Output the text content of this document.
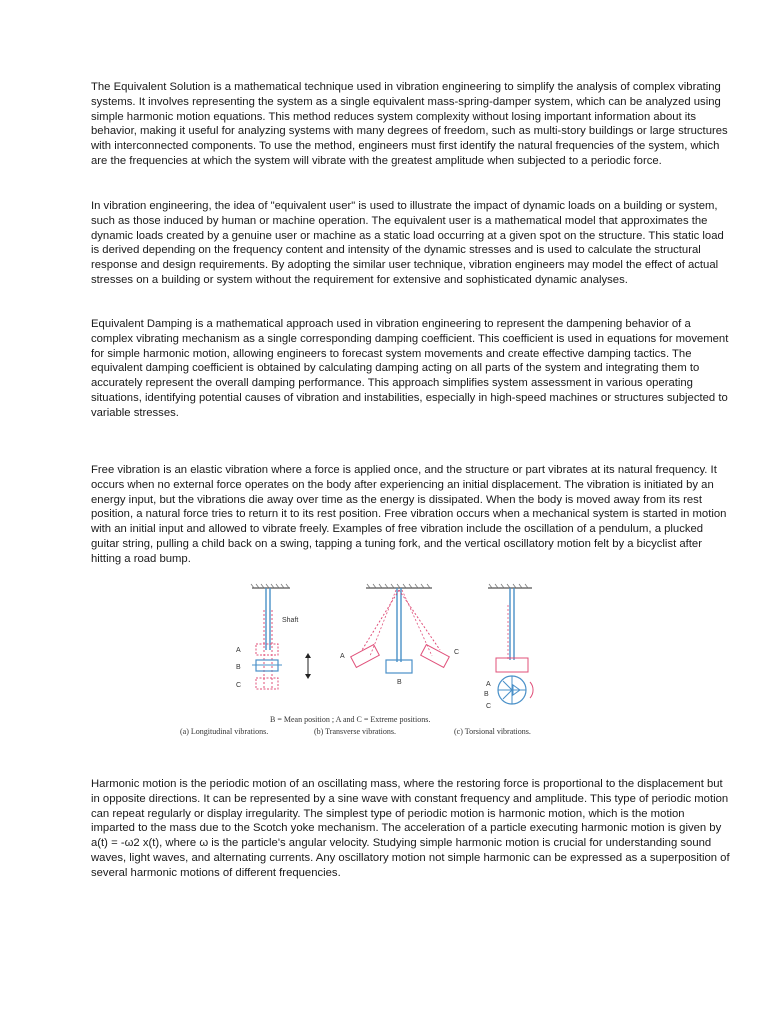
The Equivalent Solution is a mathematical technique used in vibration engineering to simplify the analysis of complex vibrating systems. It involves representing the system as a single equivalent mass-spring-damper system, which can be analyzed using simple harmonic motion equations. This method reduces system complexity without losing important information about its behavior, making it useful for analyzing systems with many degrees of freedom, such as multi-story buildings or large structures with interconnected components. To use the method, engineers must first identify the natural frequencies of the system, which are the frequencies at which the system will vibrate with the greatest amplitude when subjected to a periodic force.

In vibration engineering, the idea of "equivalent user" is used to illustrate the impact of dynamic loads on a building or system, such as those induced by human or machine operation. The equivalent user is a mathematical model that approximates the dynamic loads created by a genuine user or machine as a static load occurring at a given spot on the structure. This static load is derived depending on the frequency content and intensity of the dynamic stresses and is used to calculate the structural response and design requirements. By adopting the similar user technique, vibration engineers may model the effect of actual stresses on a building or system without the requirement for extensive and sophisticated dynamic analyses.

Equivalent Damping is a mathematical approach used in vibration engineering to represent the dampening behavior of a complex vibrating mechanism as a single corresponding damping coefficient. This coefficient is used in equations for movement for simple harmonic motion, allowing engineers to forecast system movements and create effective damping tactics. The equivalent damping coefficient is obtained by calculating damping acting on all parts of the system and integrating them to accurately represent the overall damping performance. This approach simplifies system assessment in various operating situations, identifying potential causes of vibration and instabilities, especially in high-speed machines or structures subjected to variable stresses.

Free vibration is an elastic vibration where a force is applied once, and the structure or part vibrates at its natural frequency. It occurs when no external force operates on the body after experiencing an initial displacement. The vibration is initiated by an energy input, but the vibrations die away over time as the energy is dissipated. When the body is moved away from its rest position, a natural force tries to return it to its rest position. Free vibration occurs when a mechanical system is started in motion with an initial input and allowed to vibrate freely. Examples of free vibration include the oscillation of a pendulum, a plucked guitar string, pulling a child back on a swing, tapping a tuning fork, and the vertical oscillatory motion felt by a bicyclist after hitting a road bump.

Shaft
A
B
C
A
B
C
A
B
C
B = Mean position ; A and C = Extreme positions.
(a) Longitudinal vibrations.	(b) Transverse vibrations.	(c) Torsional vibrations.

Harmonic motion is the periodic motion of an oscillating mass, where the restoring force is proportional to the displacement but in opposite directions. It can be represented by a sine wave with constant frequency and amplitude. This type of periodic motion can repeat regularly or display irregularity. The simplest type of periodic motion is harmonic motion, which is the motion imparted to the mass due to the Scotch yoke mechanism. The acceleration of a particle executing harmonic motion is given by a(t) = -ω2 x(t), where ω is the particle's angular velocity. Studying simple harmonic motion is crucial for understanding sound waves, light waves, and alternating currents. Any oscillatory motion not simple harmonic can be expressed as a superposition of several harmonic motions of different frequencies.
